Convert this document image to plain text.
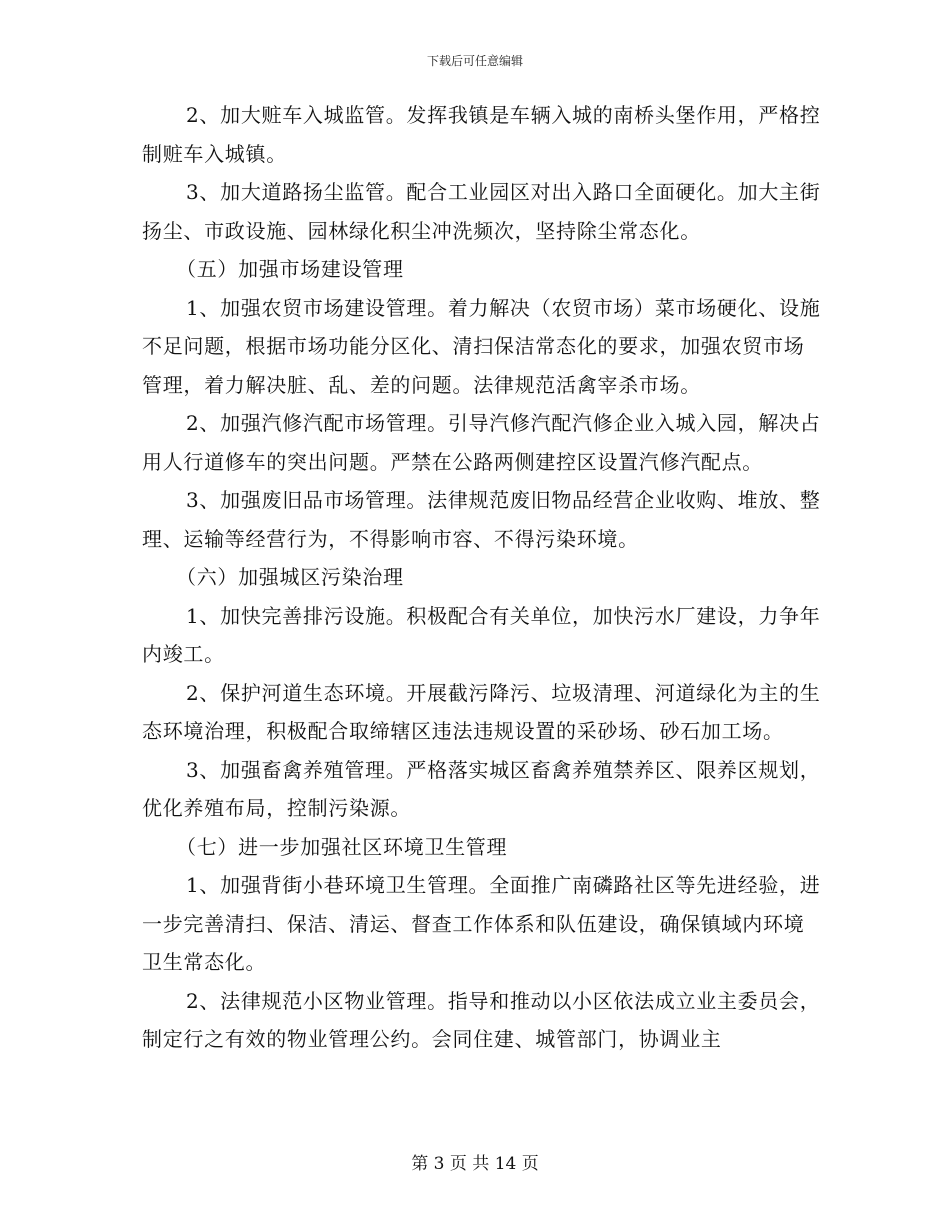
下载后可任意编辑

2、加大赃车入城监管。发挥我镇是车辆入城的南桥头堡作用，严格控制赃车入城镇。

3、加大道路扬尘监管。配合工业园区对出入路口全面硬化。加大主街扬尘、市政设施、园林绿化积尘冲洗频次，坚持除尘常态化。

（五）加强市场建设管理

1、加强农贸市场建设管理。着力解决（农贸市场）菜市场硬化、设施不足问题，根据市场功能分区化、清扫保洁常态化的要求，加强农贸市场管理，着力解决脏、乱、差的问题。法律规范活禽宰杀市场。

2、加强汽修汽配市场管理。引导汽修汽配汽修企业入城入园，解决占用人行道修车的突出问题。严禁在公路两侧建控区设置汽修汽配点。

3、加强废旧品市场管理。法律规范废旧物品经营企业收购、堆放、整理、运输等经营行为，不得影响市容、不得污染环境。

（六）加强城区污染治理

1、加快完善排污设施。积极配合有关单位，加快污水厂建设，力争年内竣工。

2、保护河道生态环境。开展截污降污、垃圾清理、河道绿化为主的生态环境治理，积极配合取缔辖区违法违规设置的采砂场、砂石加工场。

3、加强畜禽养殖管理。严格落实城区畜禽养殖禁养区、限养区规划，优化养殖布局，控制污染源。

（七）进一步加强社区环境卫生管理

1、加强背街小巷环境卫生管理。全面推广南磷路社区等先进经验，进一步完善清扫、保洁、清运、督查工作体系和队伍建设，确保镇域内环境卫生常态化。

2、法律规范小区物业管理。指导和推动以小区依法成立业主委员会，制定行之有效的物业管理公约。会同住建、城管部门，协调业主

第 3 页 共 14 页
